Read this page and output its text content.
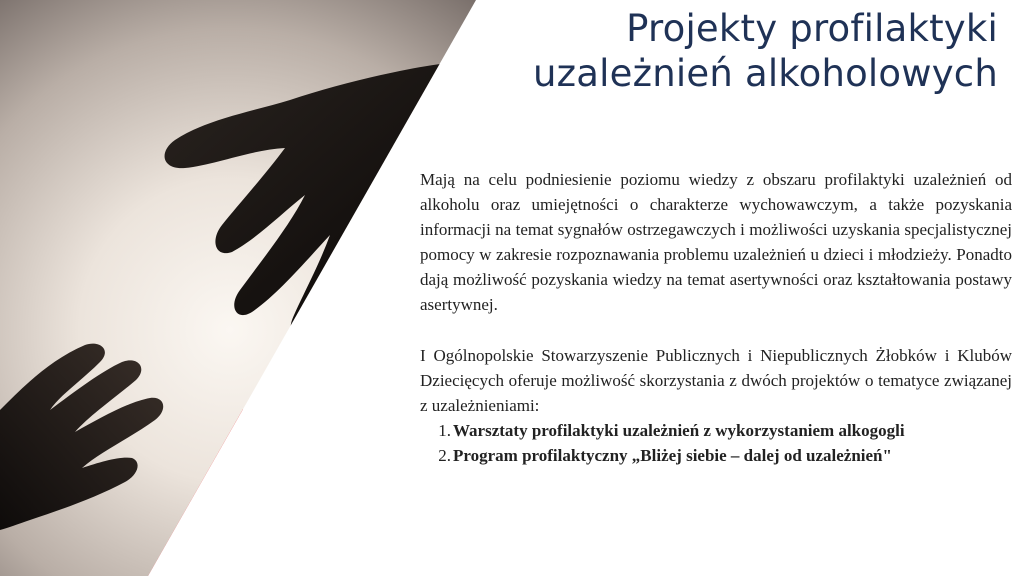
Projekty profilaktyki
uzależnień alkoholowych

Mają na celu podniesienie poziomu wiedzy z obszaru profilaktyki uzależnień od alkoholu oraz umiejętności o charakterze wychowawczym, a także pozyskania informacji na temat sygnałów ostrzegawczych i możliwości uzyskania specjalistycznej pomocy w zakresie rozpoznawania problemu uzależnień u dzieci i młodzieży. Ponadto dają możliwość pozyskania wiedzy na temat asertywności oraz kształtowania postawy asertywnej.

I Ogólnopolskie Stowarzyszenie Publicznych i Niepublicznych Żłobków i Klubów Dziecięcych oferuje możliwość skorzystania z dwóch projektów o tematyce związanej z uzależnieniami:

1. Warsztaty profilaktyki uzależnień z wykorzystaniem alkogogli
2. Program profilaktyczny „Bliżej siebie – dalej od uzależnień"
